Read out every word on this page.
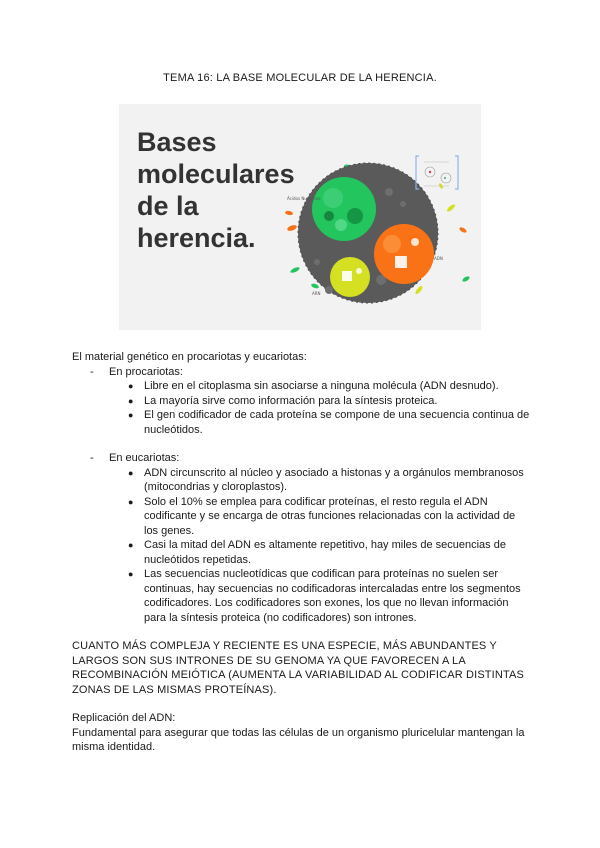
TEMA 16: LA BASE MOLECULAR DE LA HERENCIA.
Bases
moleculares
de la
herencia.
Ácidos Nucleicos
ADN
ARN

El material genético en procariotas y eucariotas:

- En procariotas:

● Libre en el citoplasma sin asociarse a ninguna molécula (ADN desnudo).
● La mayoría sirve como información para la síntesis proteica.
● El gen codificador de cada proteína se compone de una secuencia continua de nucleótidos.

- En eucariotas:

● ADN circunscrito al núcleo y asociado a histonas y a orgánulos membranosos (mitocondrias y cloroplastos).
● Solo el 10% se emplea para codificar proteínas, el resto regula el ADN codificante y se encarga de otras funciones relacionadas con la actividad de los genes.
● Casi la mitad del ADN es altamente repetitivo, hay miles de secuencias de nucleótidos repetidas.
● Las secuencias nucleotídicas que codifican para proteínas no suelen ser continuas, hay secuencias no codificadoras intercaladas entre los segmentos codificadores. Los codificadores son exones, los que no llevan información para la síntesis proteica (no codificadores) son intrones.

CUANTO MÁS COMPLEJA Y RECIENTE ES UNA ESPECIE, MÁS ABUNDANTES Y LARGOS SON SUS INTRONES DE SU GENOMA YA QUE FAVORECEN A LA RECOMBINACIÓN MEIÓTICA (AUMENTA LA VARIABILIDAD AL CODIFICAR DISTINTAS ZONAS DE LAS MISMAS PROTEÍNAS).

Replicación del ADN:

Fundamental para asegurar que todas las células de un organismo pluricelular mantengan la misma identidad.
